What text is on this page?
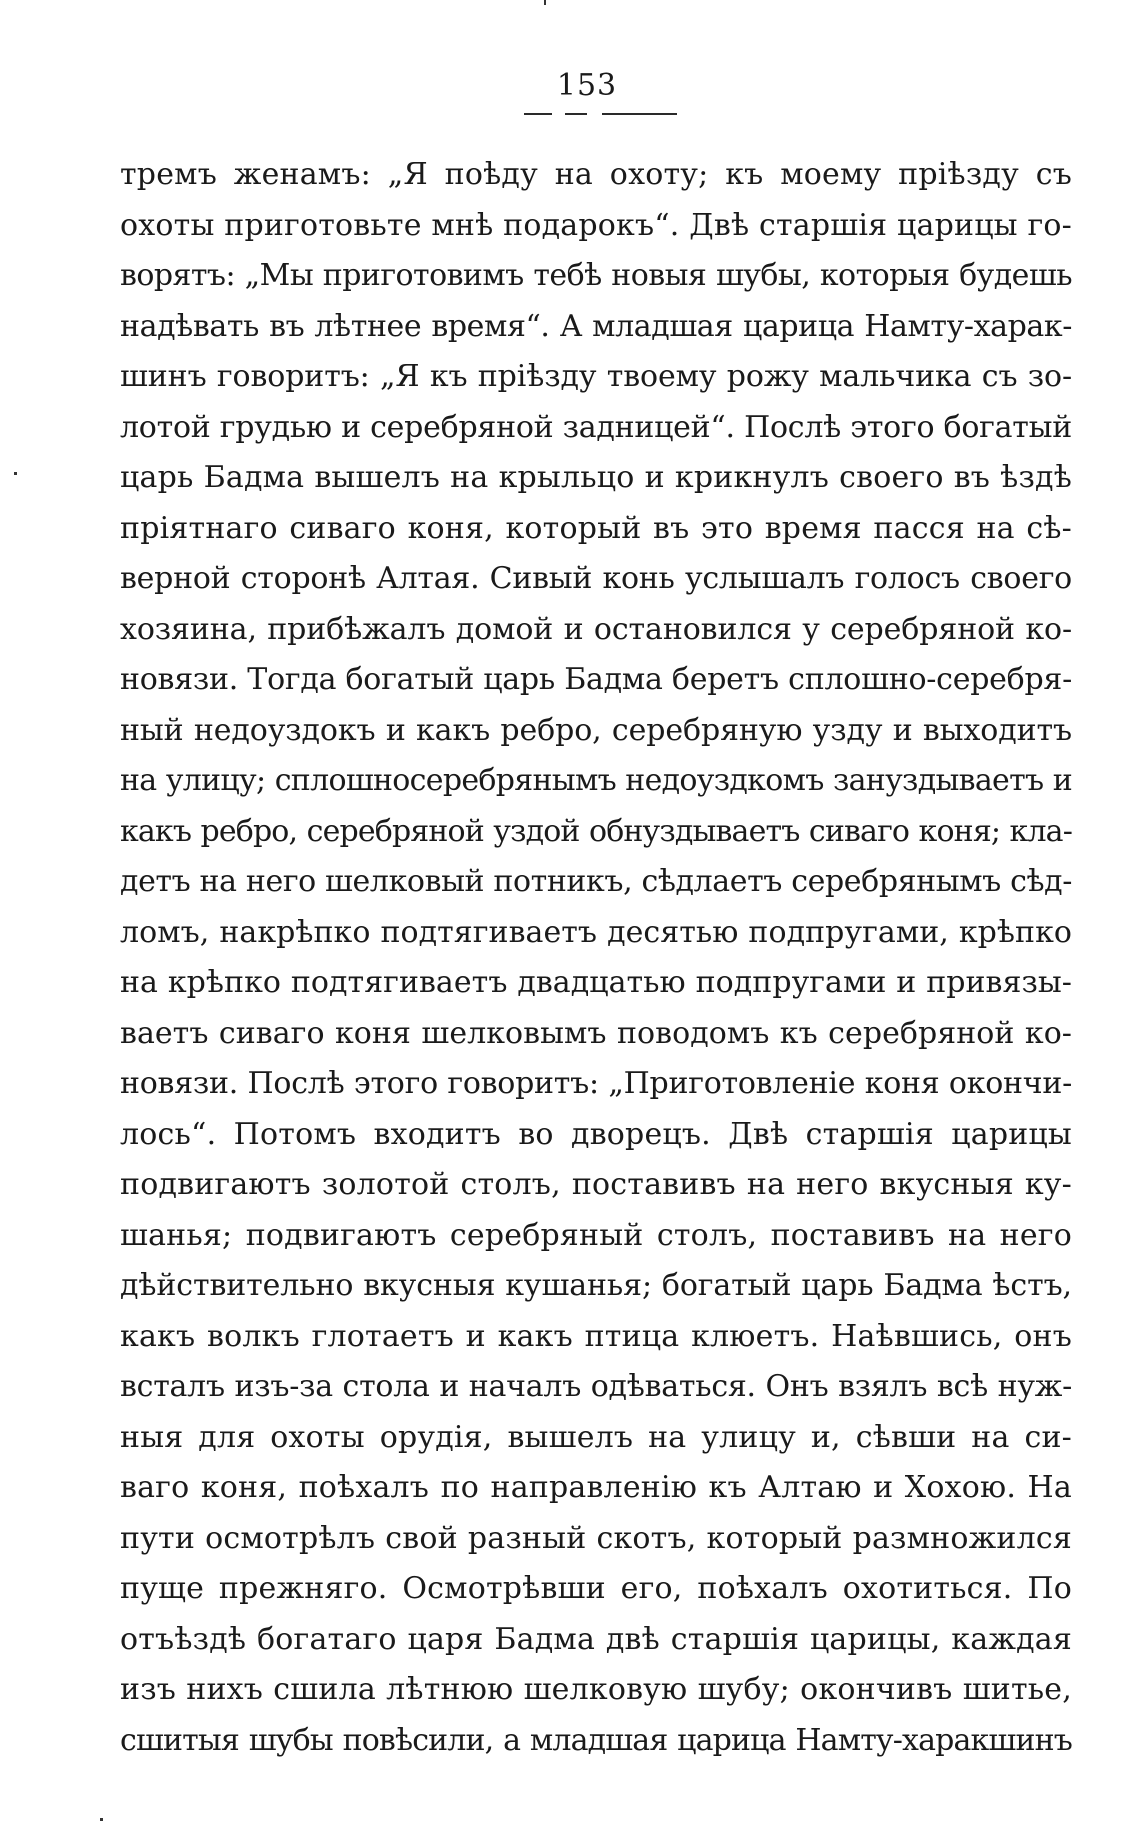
153
тремъ женамъ: „Я поѣду на охоту; къ моему пріѣзду съ
охоты приготовьте мнѣ подарокъ“. Двѣ старшія царицы го-
ворятъ: „Мы приготовимъ тебѣ новыя шубы, которыя будешь
надѣвать въ лѣтнее время“. А младшая царица Намту-харак-
шинъ говоритъ: „Я къ пріѣзду твоему рожу мальчика съ зо-
лотой грудью и серебряной задницей“. Послѣ этого богатый
царь Бадма вышелъ на крыльцо и крикнулъ своего въ ѣздѣ
пріятнаго сиваго коня, который въ это время пасся на сѣ-
верной сторонѣ Алтая. Сивый конь услышалъ голосъ своего
хозяина, прибѣжалъ домой и остановился у серебряной ко-
новязи. Тогда богатый царь Бадма беретъ сплошно-серебря-
ный недоуздокъ и какъ ребро, серебряную узду и выходитъ
на улицу; сплошносеребрянымъ недоуздкомъ зануздываетъ и
какъ ребро, серебряной уздой обнуздываетъ сиваго коня; кла-
детъ на него шелковый потникъ, сѣдлаетъ серебрянымъ сѣд-
ломъ, накрѣпко подтягиваетъ десятью подпругами, крѣпко
на крѣпко подтягиваетъ двадцатью подпругами и привязы-
ваетъ сиваго коня шелковымъ поводомъ къ серебряной ко-
новязи. Послѣ этого говоритъ: „Приготовленіе коня окончи-
лось“. Потомъ входитъ во дворецъ. Двѣ старшія царицы
подвигаютъ золотой столъ, поставивъ на него вкусныя ку-
шанья; подвигаютъ серебряный столъ, поставивъ на него
дѣйствительно вкусныя кушанья; богатый царь Бадма ѣстъ,
какъ волкъ глотаетъ и какъ птица клюетъ. Наѣвшись, онъ
всталъ изъ-за стола и началъ одѣваться. Онъ взялъ всѣ нуж-
ныя для охоты орудія, вышелъ на улицу и, сѣвши на си-
ваго коня, поѣхалъ по направленію къ Алтаю и Хохою. На
пути осмотрѣлъ свой разный скотъ, который размножился
пуще прежняго. Осмотрѣвши его, поѣхалъ охотиться. По
отъѣздѣ богатаго царя Бадма двѣ старшія царицы, каждая
изъ нихъ сшила лѣтнюю шелковую шубу; окончивъ шитье,
сшитыя шубы повѣсили, а младшая царица Намту-харакшинъ
